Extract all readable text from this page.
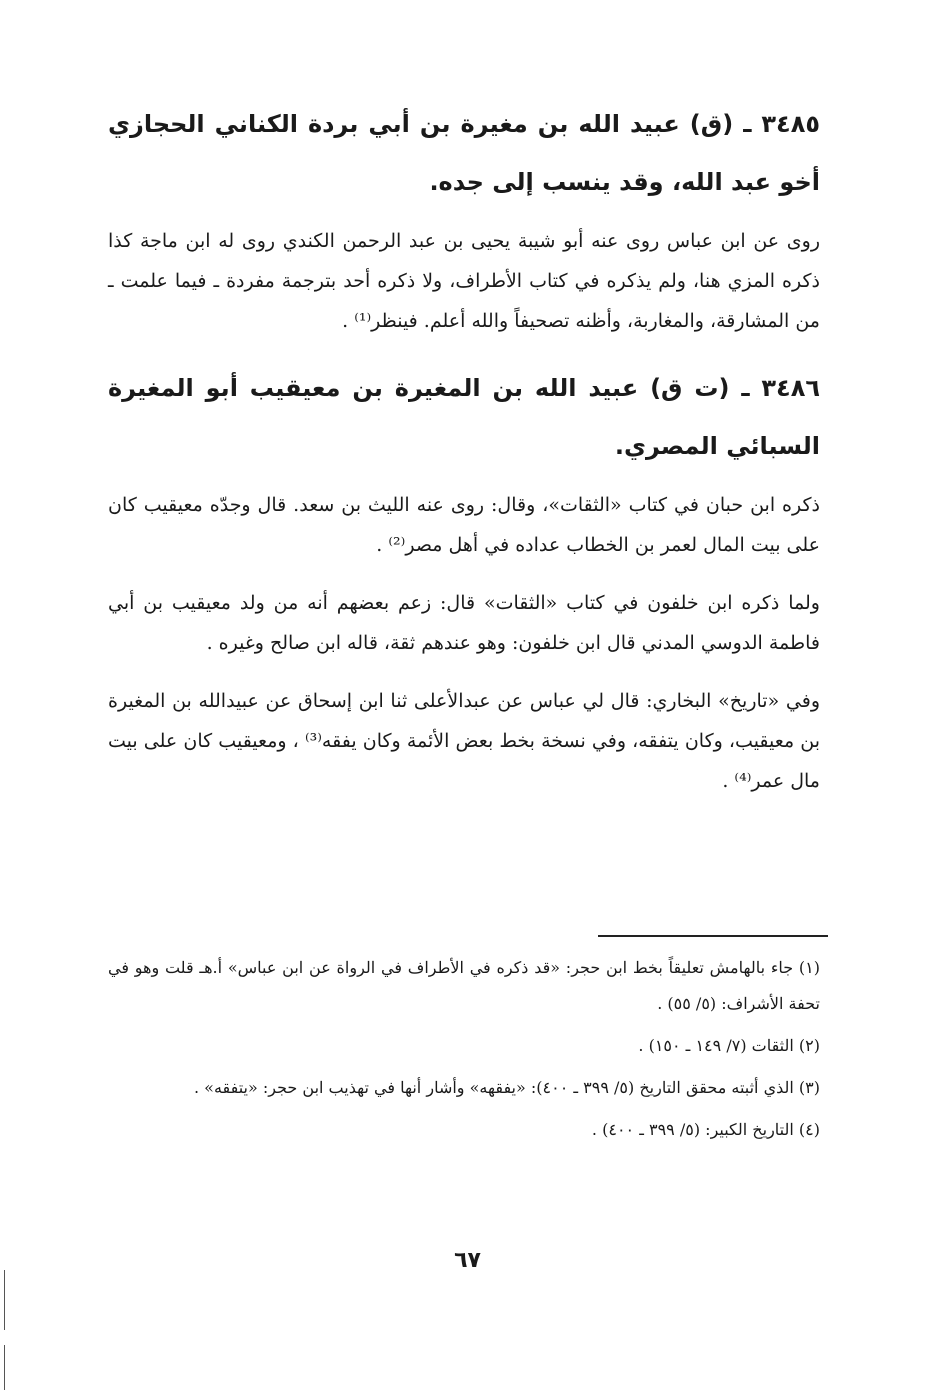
٣٤٨٥ ـ (ق) عبيد الله بن مغيرة بن أبي بردة الكناني الحجازي أخو عبد الله، وقد ينسب إلى جده.

روى عن ابن عباس روى عنه أبو شيبة يحيى بن عبد الرحمن الكندي روى له ابن ماجة كذا ذكره المزي هنا، ولم يذكره في كتاب الأطراف، ولا ذكره أحد بترجمة مفردة ـ فيما علمت ـ من المشارقة، والمغاربة، وأظنه تصحيفاً والله أعلم. فينظر⁽¹⁾ .

٣٤٨٦ ـ (ت ق) عبيد الله بن المغيرة بن معيقيب أبو المغيرة السبائي المصري.

ذكره ابن حبان في كتاب «الثقات»، وقال: روى عنه الليث بن سعد. قال وجدّه معيقيب كان على بيت المال لعمر بن الخطاب عداده في أهل مصر⁽²⁾ .

ولما ذكره ابن خلفون في كتاب «الثقات» قال: زعم بعضهم أنه من ولد معيقيب بن أبي فاطمة الدوسي المدني قال ابن خلفون: وهو عندهم ثقة، قاله ابن صالح وغيره .

وفي «تاريخ» البخاري: قال لي عباس عن عبدالأعلى ثنا ابن إسحاق عن عبيدالله بن المغيرة بن معيقيب، وكان يتفقه، وفي نسخة بخط بعض الأئمة وكان يفقه⁽³⁾ ، ومعيقيب كان على بيت مال عمر⁽⁴⁾ .

(١) جاء بالهامش تعليقاً بخط ابن حجر: «قد ذكره في الأطراف في الرواة عن ابن عباس» أ.هـ قلت وهو في تحفة الأشراف: (٥/ ٥٥) .

(٢) الثقات (٧/ ١٤٩ ـ ١٥٠) .

(٣) الذي أثبته محقق التاريخ (٥/ ٣٩٩ ـ ٤٠٠): «يفقهه» وأشار أنها في تهذيب ابن حجر: «يتفقه» .

(٤) التاريخ الكبير: (٥/ ٣٩٩ ـ ٤٠٠) .

٦٧
